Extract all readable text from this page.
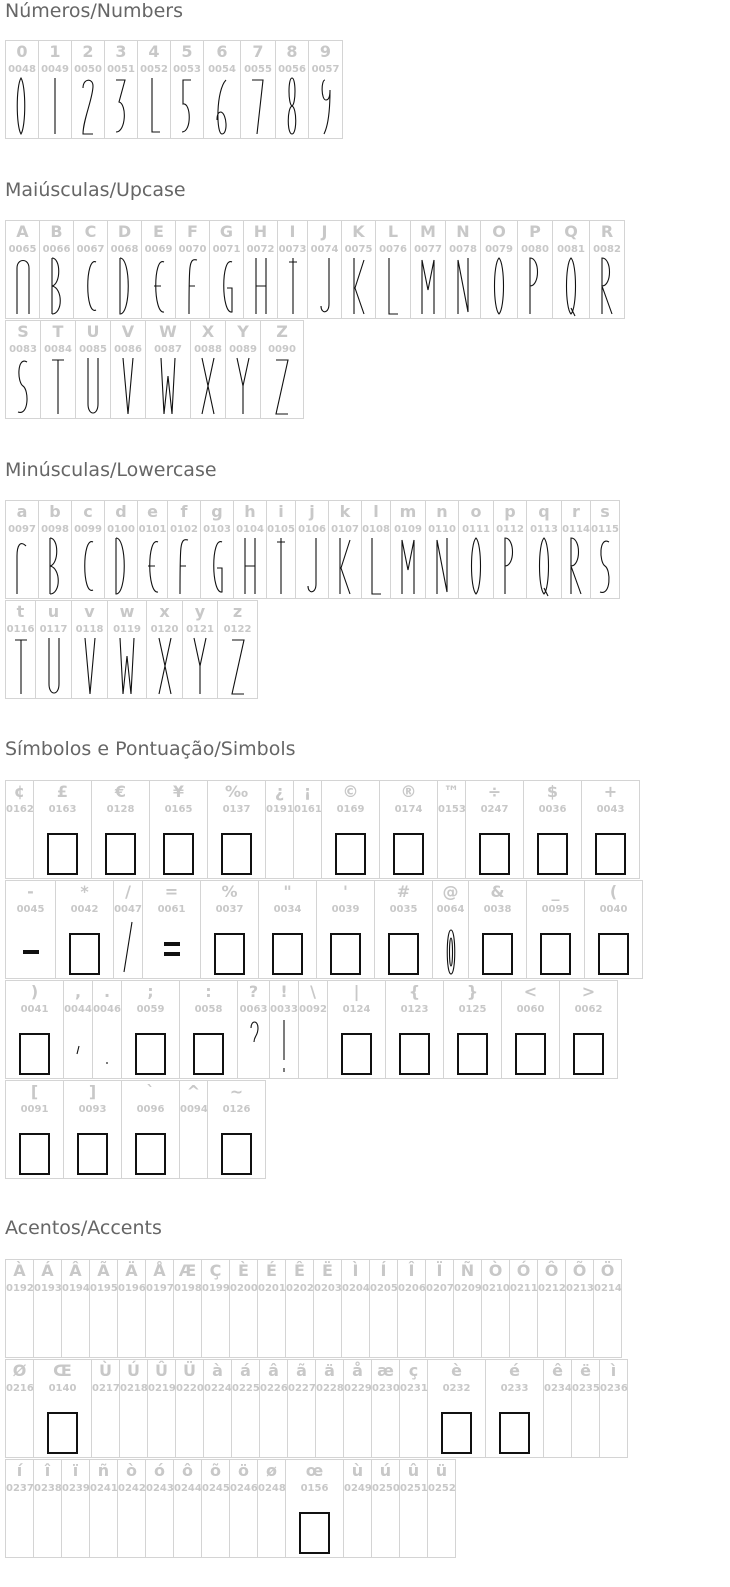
Números/Numbers
0
0048
1
0049
2
0050
3
0051
4
0052
5
0053
6
0054
7
0055
8
0056
9
0057
Maiúsculas/Upcase
A
0065
B
0066
C
0067
D
0068
E
0069
F
0070
G
0071
H
0072
I
0073
J
0074
K
0075
L
0076
M
0077
N
0078
O
0079
P
0080
Q
0081
R
0082
S
0083
T
0084
U
0085
V
0086
W
0087
X
0088
Y
0089
Z
0090
Minúsculas/Lowercase
a
0097
b
0098
c
0099
d
0100
e
0101
f
0102
g
0103
h
0104
i
0105
j
0106
k
0107
l
0108
m
0109
n
0110
o
0111
p
0112
q
0113
r
0114
s
0115
t
0116
u
0117
v
0118
w
0119
x
0120
y
0121
z
0122
Símbolos e Pontuação/Simbols
¢
0162
£
0163
€
0128
¥
0165
‰
0137
¿
0191
¡
0161
©
0169
®
0174
™
0153
÷
0247
$
0036
+
0043
-
0045
*
0042
/
0047
=
0061
%
0037
"
0034
'
0039
#
0035
@
0064
&
0038
_
0095
(
0040
)
0041
,
0044
.
0046
;
0059
:
0058
?
0063
!
0033
\
0092
|
0124
{
0123
}
0125
<
0060
>
0062
[
0091
]
0093
`
0096
^
0094
~
0126
Acentos/Accents
À
0192
Á
0193
Â
0194
Ã
0195
Ä
0196
Å
0197
Æ
0198
Ç
0199
È
0200
É
0201
Ê
0202
Ë
0203
Ì
0204
Í
0205
Î
0206
Ï
0207
Ñ
0209
Ò
0210
Ó
0211
Ô
0212
Õ
0213
Ö
0214
Ø
0216
Œ
0140
Ù
0217
Ú
0218
Û
0219
Ü
0220
à
0224
á
0225
â
0226
ã
0227
ä
0228
å
0229
æ
0230
ç
0231
è
0232
é
0233
ê
0234
ë
0235
ì
0236
í
0237
î
0238
ï
0239
ñ
0241
ò
0242
ó
0243
ô
0244
õ
0245
ö
0246
ø
0248
œ
0156
ù
0249
ú
0250
û
0251
ü
0252
